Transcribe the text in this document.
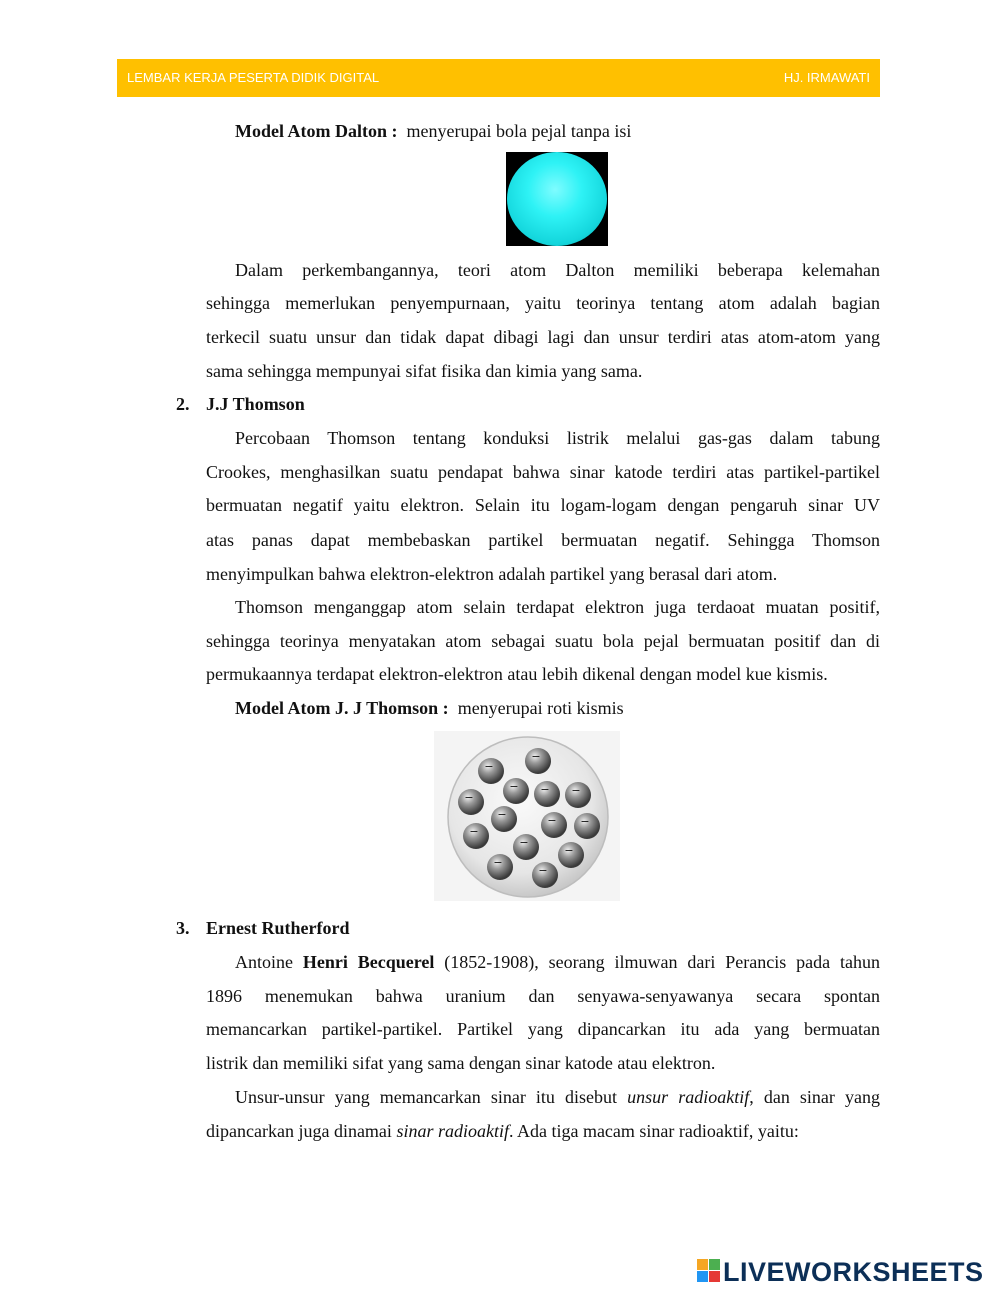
LEMBAR KERJA PESERTA DIDIK DIGITAL	HJ. IRMAWATI
Model Atom Dalton : menyerupai bola pejal tanpa isi
Dalam perkembangannya, teori atom Dalton memiliki beberapa kelemahan
sehingga memerlukan penyempurnaan, yaitu teorinya tentang atom adalah bagian
terkecil suatu unsur dan tidak dapat dibagi lagi dan unsur terdiri atas atom-atom yang
sama sehingga mempunyai sifat fisika dan kimia yang sama.
2. J.J Thomson
Percobaan Thomson tentang konduksi listrik melalui gas-gas dalam tabung
Crookes, menghasilkan suatu pendapat bahwa sinar katode terdiri atas partikel-partikel
bermuatan negatif yaitu elektron. Selain itu logam-logam dengan pengaruh sinar UV
atas panas dapat membebaskan partikel bermuatan negatif. Sehingga Thomson
menyimpulkan bahwa elektron-elektron adalah partikel yang berasal dari atom.
Thomson menganggap atom selain terdapat elektron juga terdaoat muatan positif,
sehingga teorinya menyatakan atom sebagai suatu bola pejal bermuatan positif dan di
permukaannya terdapat elektron-elektron atau lebih dikenal dengan model kue kismis.
Model Atom J. J Thomson : menyerupai roti kismis
−
−
− − −
−
−	− −
−
−
−
−
−
3. Ernest Rutherford
Antoine Henri Becquerel (1852-1908), seorang ilmuwan dari Perancis pada tahun
1896 menemukan bahwa uranium dan senyawa-senyawanya secara spontan
memancarkan partikel-partikel. Partikel yang dipancarkan itu ada yang bermuatan
listrik dan memiliki sifat yang sama dengan sinar katode atau elektron.
Unsur-unsur yang memancarkan sinar itu disebut unsur radioaktif, dan sinar yang
dipancarkan juga dinamai sinar radioaktif. Ada tiga macam sinar radioaktif, yaitu:
LIVEWORKSHEETS
